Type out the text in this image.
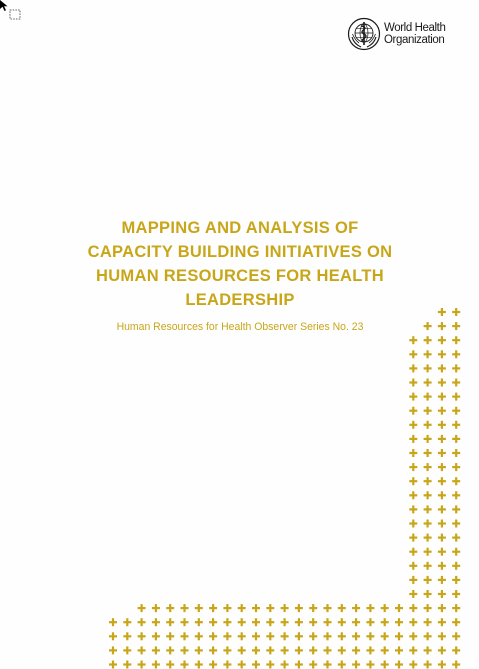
World Health
Organization
MAPPING AND ANALYSIS OF
CAPACITY BUILDING INITIATIVES ON
HUMAN RESOURCES FOR HEALTH
LEADERSHIP
Human Resources for Health Observer Series No. 23
